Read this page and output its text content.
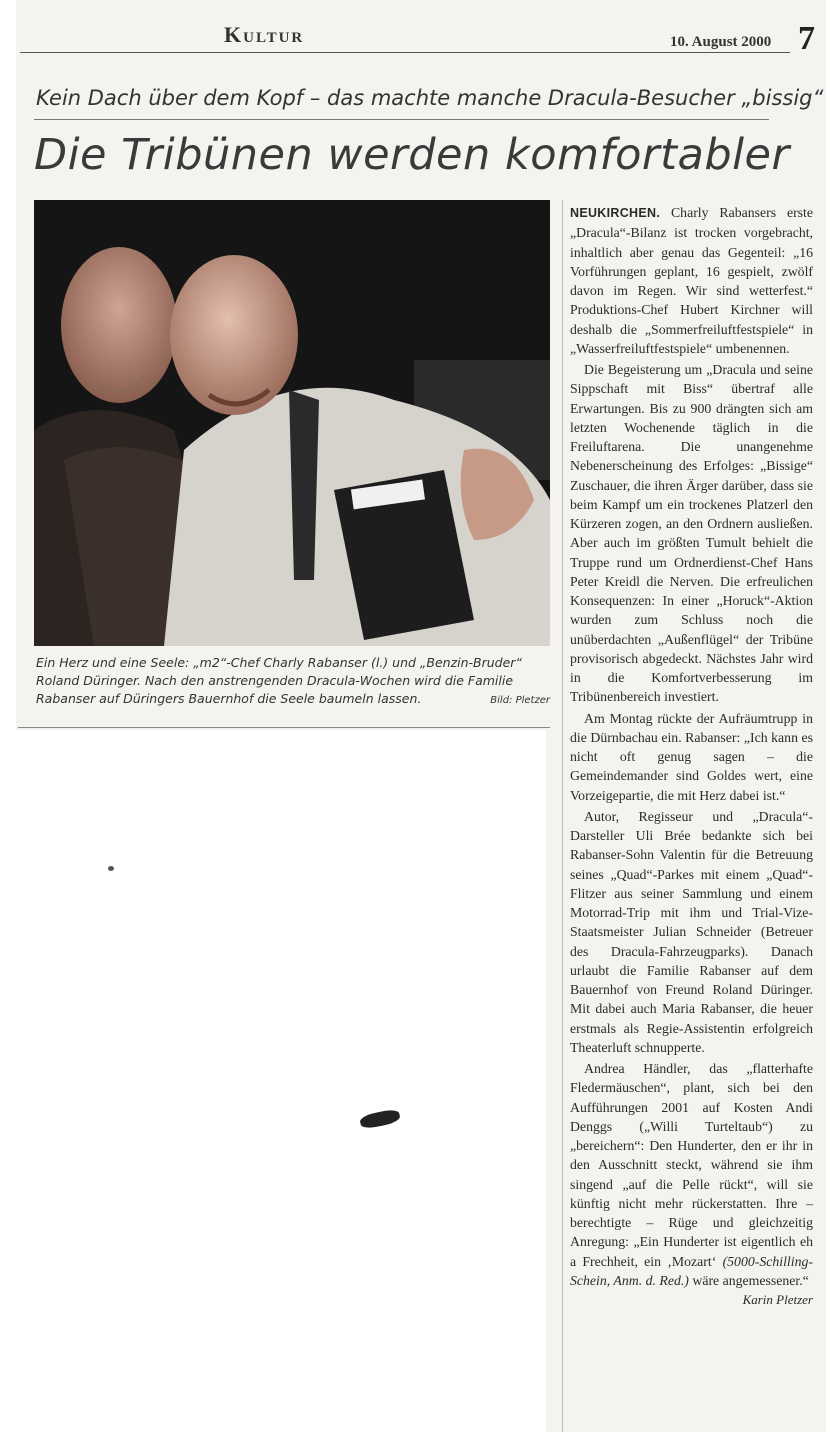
Kultur	10. August 2000 7
Kein Dach über dem Kopf – das machte manche Dracula-Besucher „bissig“
Die Tribünen werden komfortabler
Ein Herz und eine Seele: „m2“-Chef Charly Rabanser (l.) und „Benzin-Bruder“ Roland Düringer. Nach den anstrengenden Dracula-Wochen wird die Familie Rabanser auf Düringers Bauernhof die Seele baumeln lassen.	Bild: Pletzer

NEUKIRCHEN. Charly Rabansers erste „Dracula“-Bilanz ist trocken vorgebracht, inhaltlich aber genau das Gegenteil: „16 Vorführungen geplant, 16 gespielt, zwölf davon im Regen. Wir sind wetterfest.“ Produktions-Chef Hubert Kirchner will deshalb die „Sommerfreiluftfestspiele“ in „Wasserfreiluftfestspiele“ umbenennen.

Die Begeisterung um „Dracula und seine Sippschaft mit Biss“ übertraf alle Erwartungen. Bis zu 900 drängten sich am letzten Wochenende täglich in die Freiluftarena. Die unangenehme Nebenerscheinung des Erfolges: „Bissige“ Zuschauer, die ihren Ärger darüber, dass sie beim Kampf um ein trockenes Platzerl den Kürzeren zogen, an den Ordnern ausließen. Aber auch im größten Tumult behielt die Truppe rund um Ordnerdienst-Chef Hans Peter Kreidl die Nerven. Die erfreulichen Konsequenzen: In einer „Horuck“-Aktion wurden zum Schluss noch die unüberdachten „Außenflügel“ der Tribüne provisorisch abgedeckt. Nächstes Jahr wird in die Komfortverbesserung im Tribünenbereich investiert.

Am Montag rückte der Aufräumtrupp in die Dürnbachau ein. Rabanser: „Ich kann es nicht oft genug sagen – die Gemeindemander sind Goldes wert, eine Vorzeigepartie, die mit Herz dabei ist.“

Autor, Regisseur und „Dracula“-Darsteller Uli Brée bedankte sich bei Rabanser-Sohn Valentin für die Betreuung seines „Quad“-Parkes mit einem „Quad“-Flitzer aus seiner Sammlung und einem Motorrad-Trip mit ihm und Trial-Vize-Staatsmeister Julian Schneider (Betreuer des Dracula-Fahrzeugparks). Danach urlaubt die Familie Rabanser auf dem Bauernhof von Freund Roland Düringer. Mit dabei auch Maria Rabanser, die heuer erstmals als Regie-Assistentin erfolgreich Theaterluft schnupperte.

Andrea Händler, das „flatterhafte Fledermäuschen“, plant, sich bei den Aufführungen 2001 auf Kosten Andi Denggs („Willi Turteltaub“) zu „bereichern“: Den Hunderter, den er ihr in den Ausschnitt steckt, während sie ihm singend „auf die Pelle rückt“, will sie künftig nicht mehr rückerstatten. Ihre – berechtigte – Rüge und gleichzeitig Anregung: „Ein Hunderter ist eigentlich eh a Frechheit, ein ‚Mozart‘ (5000-Schilling-Schein, Anm. d. Red.) wäre angemessener.“
Karin Pletzer
